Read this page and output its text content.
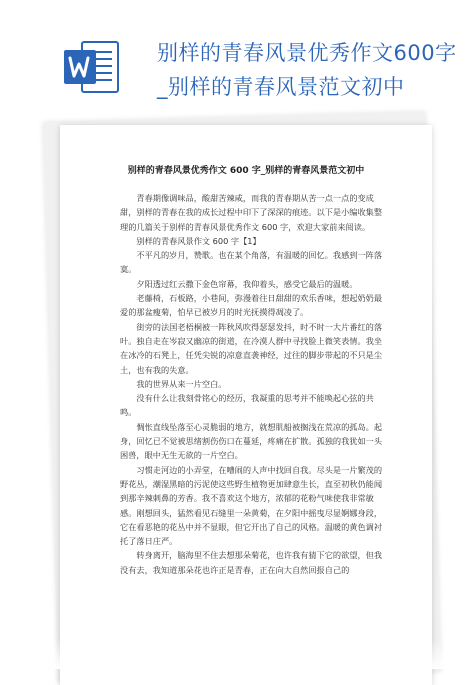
别样的青春风景优秀作文600字_别样的青春风景范文初中
别样的青春风景优秀作文 600 字_别样的青春风景范文初中

青春期像调味品，酸甜苦辣咸，而我的青春期从苦一点一点的变成甜，别样的青春在我的成长过程中印下了深深的痕迹。以下是小编收集整理的几篇关于别样的青春风景优秀作文 600 字，欢迎大家前来阅读。

别样的青春风景作文 600 字【1】

不平凡的岁月，赞歌。也在某个角落，有温暖的回忆。我感到一阵落寞。

夕阳透过红云撒下金色帘幕，我仰着头，感受它最后的温暖。

老藤椅，石板路，小巷间，弥漫着往日甜甜的欢乐香味，想起奶奶最爱的那盆瘦菊，怕早已被岁月的时光抚摸得凋凌了。

街旁的法国老梧桐被一阵秋风吹得瑟瑟发抖，时不时一大片番红的落叶。独自走在岑寂又幽凉的街道，在冷漠人群中寻找脸上微笑表情。我坐在冰冷的石凳上，任凭尖锐的凉意直袭神经，过往的脚步带起的不只是尘土，也有我的失意。

我的世界从来一片空白。

没有什么让我刻骨铭心的经历，我凝重的思考并不能唤起心弦的共鸣。

惆怅直线坠落至心灵脆弱的地方，就想肌船被搁浅在荒凉的孤岛。起身，回忆已不觉被思绪割伤伤口在蔓延，疼痛在扩散。孤独的我犹如一头困兽，眼中无生无欲的一片空白。

习惯走河边的小弄堂，在嘈闹的人声中找回自我。尽头是一片繁茂的野花丛，潮湿黑暗的污泥使这些野生植物更加肆意生长，直至初秋仍能闻到那辛辣刺鼻的芳香。我不喜欢这个地方，浓郁的花粉气味使我非常敏感。刚想回头，猛然看见石缝里一朵黄菊，在夕阳中摇曳尽显婀娜身段，它在看恶艳的花丛中并不显眼，但它开出了自己的风格。温暖的黄色调衬托了落日庄严。

转身离开，脑海里不住去想那朵菊花，也许我有猜下它的欲望，但我没有去，我知道那朵花也许正是青春，正在向大自然回报自己的
